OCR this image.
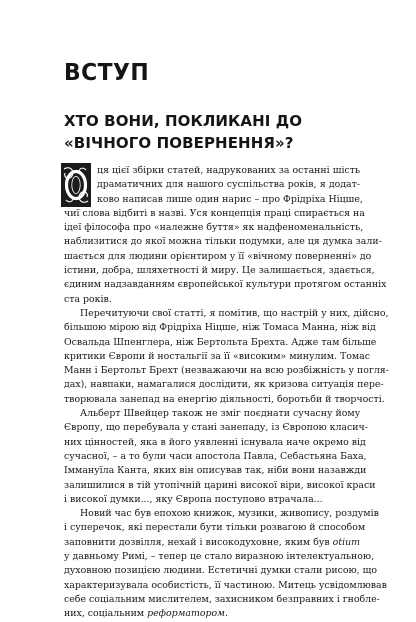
ВСТУП
ХТО ВОНИ, ПОКЛИКАНІ ДО
«ВІЧНОГО ПОВЕРНЕННЯ»?
ця цієї збірки статей, надрукованих за останні шість
драматичних для нашого суспільства років, я додат-
ково написав лише один нарис – про Фрідріха Ніцше,
чиї слова відбиті в назві. Уся концепція праці спирається на
ідеї філософа про «належне буття» як надфеноменальність,
наблизитися до якої можна тільки подумки, але ця думка зали-
шається для людини орієнтиром у її «вічному поверненні» до
істини, добра, шляхетності й миру. Це залишається, здається,
єдиним надзавданням європейської культури протягом останніх
ста років.
Перечитуючи свої статті, я помітив, що настрій у них, дійсно,
більшою мірою від Фрідріха Ніцше, ніж Томаса Манна, ніж від
Освальда Шпенглера, ніж Бертольта Брехта. Адже там більше
критики Європи й ностальгії за її «високим» минулим. Томас
Манн і Бертольт Брехт (незважаючи на всю розбіжність у погля-
дах), навпаки, намагалися дослідити, як кризова ситуація пере-
творювала занепад на енергію діяльності, боротьби й творчості.
Альберт Швейцер також не зміг поєднати сучасну йому
Європу, що перебувала у стані занепаду, із Європою класич-
них цінностей, яка в його уявленні існувала наче окремо від
сучасної, – а то були часи апостола Павла, Себастьяна Баха,
Іммануїла Канта, яких він описував так, ніби вони назавжди
залишилися в тій утопічній царині високої віри, високої краси
і високої думки..., яку Європа поступово втрачала...
Новий час був епохою книжок, музики, живопису, роздумів
і суперечок, які перестали бути тільки розвагою й способом
заповнити дозвілля, нехай і високодуховне, яким був otium
у давньому Римі, – тепер це стало виразною інтелектуальною,
духовною позицією людини. Естетичні думки стали рисою, що
характеризувала особистість, її частиною. Митець усвідомлював
себе соціальним мислителем, захисником безправних і гнобле-
них, соціальним реформатором.
